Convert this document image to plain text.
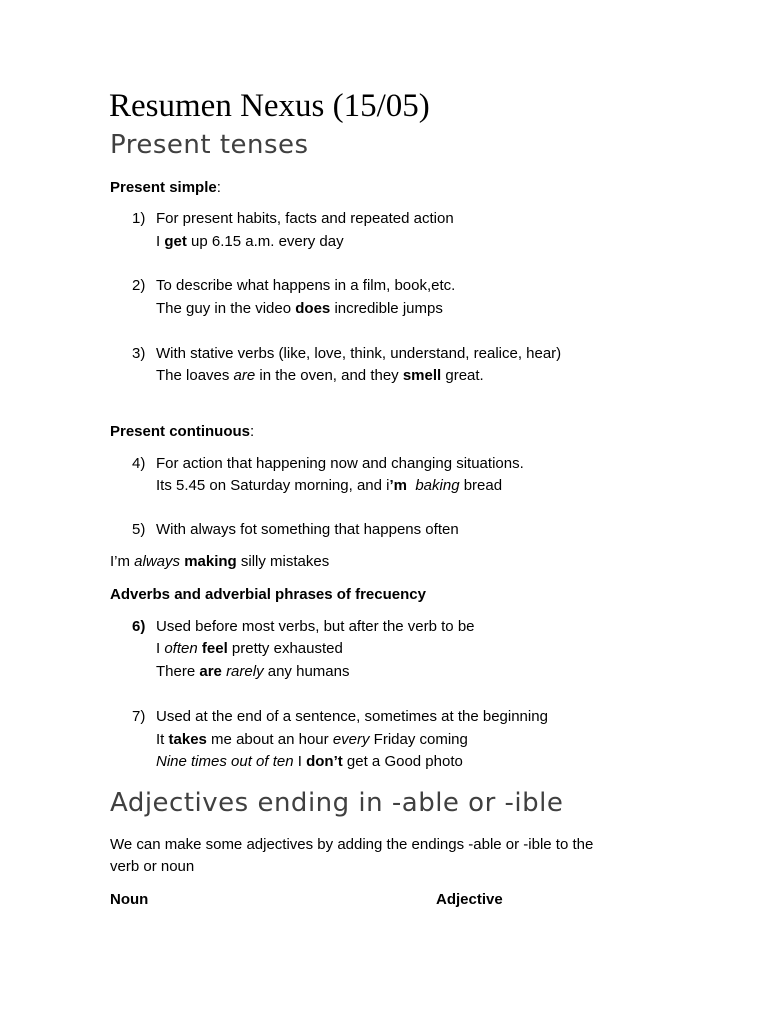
Resumen Nexus (15/05)
Present tenses
Present simple:
1) For present habits, facts and repeated action
I get up 6.15 a.m. every day
2) To describe what happens in a film, book,etc.
The guy in the video does incredible jumps
3) With stative verbs (like, love, think, understand, realice, hear)
The loaves are in the oven, and they smell great.
Present continuous:
4) For action that happening now and changing situations.
Its 5.45 on Saturday morning, and i’m baking bread
5) With always fot something that happens often
I’m always making silly mistakes
Adverbs and adverbial phrases of frecuency
6) Used before most verbs, but after the verb to be
I often feel pretty exhausted
There are rarely any humans
7) Used at the end of a sentence, sometimes at the beginning
It takes me about an hour every Friday coming
Nine times out of ten I don’t get a Good photo
Adjectives ending in -able or -ible
We can make some adjectives by adding the endings -able or -ible to the
verb or noun
Noun	Adjective
